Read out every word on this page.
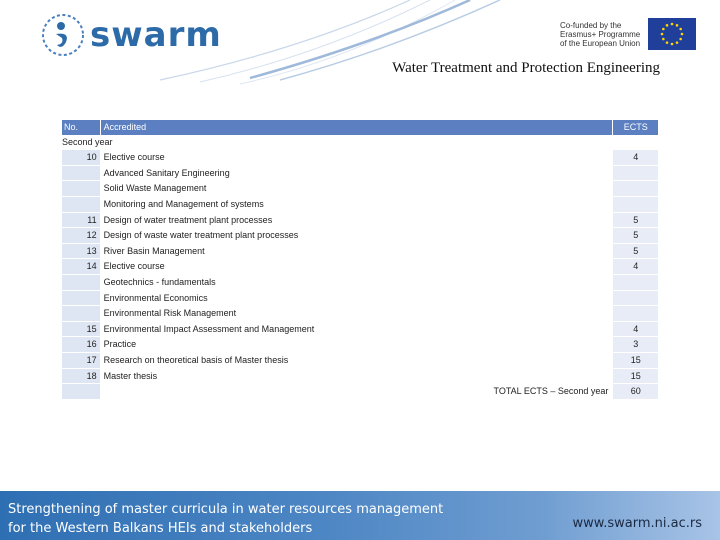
swarm	Co-funded by the
Erasmus+ Programme
of the European Union
Water Treatment and Protection Engineering
No.	Accredited	ECTS
Second year		
10	Elective course	4
	Advanced Sanitary Engineering	
	Solid Waste Management	
	Monitoring and Management of systems	
11	Design of water treatment plant processes	5
12	Design of waste water treatment plant processes	5
13	River Basin Management	5
14	Elective course	4
	Geotechnics - fundamentals	
	Environmental Economics	
	Environmental Risk Management	
15	Environmental Impact Assessment and Management	4
16	Practice	3
17	Research on theoretical basis of Master thesis	15
18	Master thesis	15
	TOTAL ECTS – Second year	60
Strengthening of master curricula in water resources management
for the Western Balkans HEIs and stakeholders	www.swarm.ni.ac.rs
